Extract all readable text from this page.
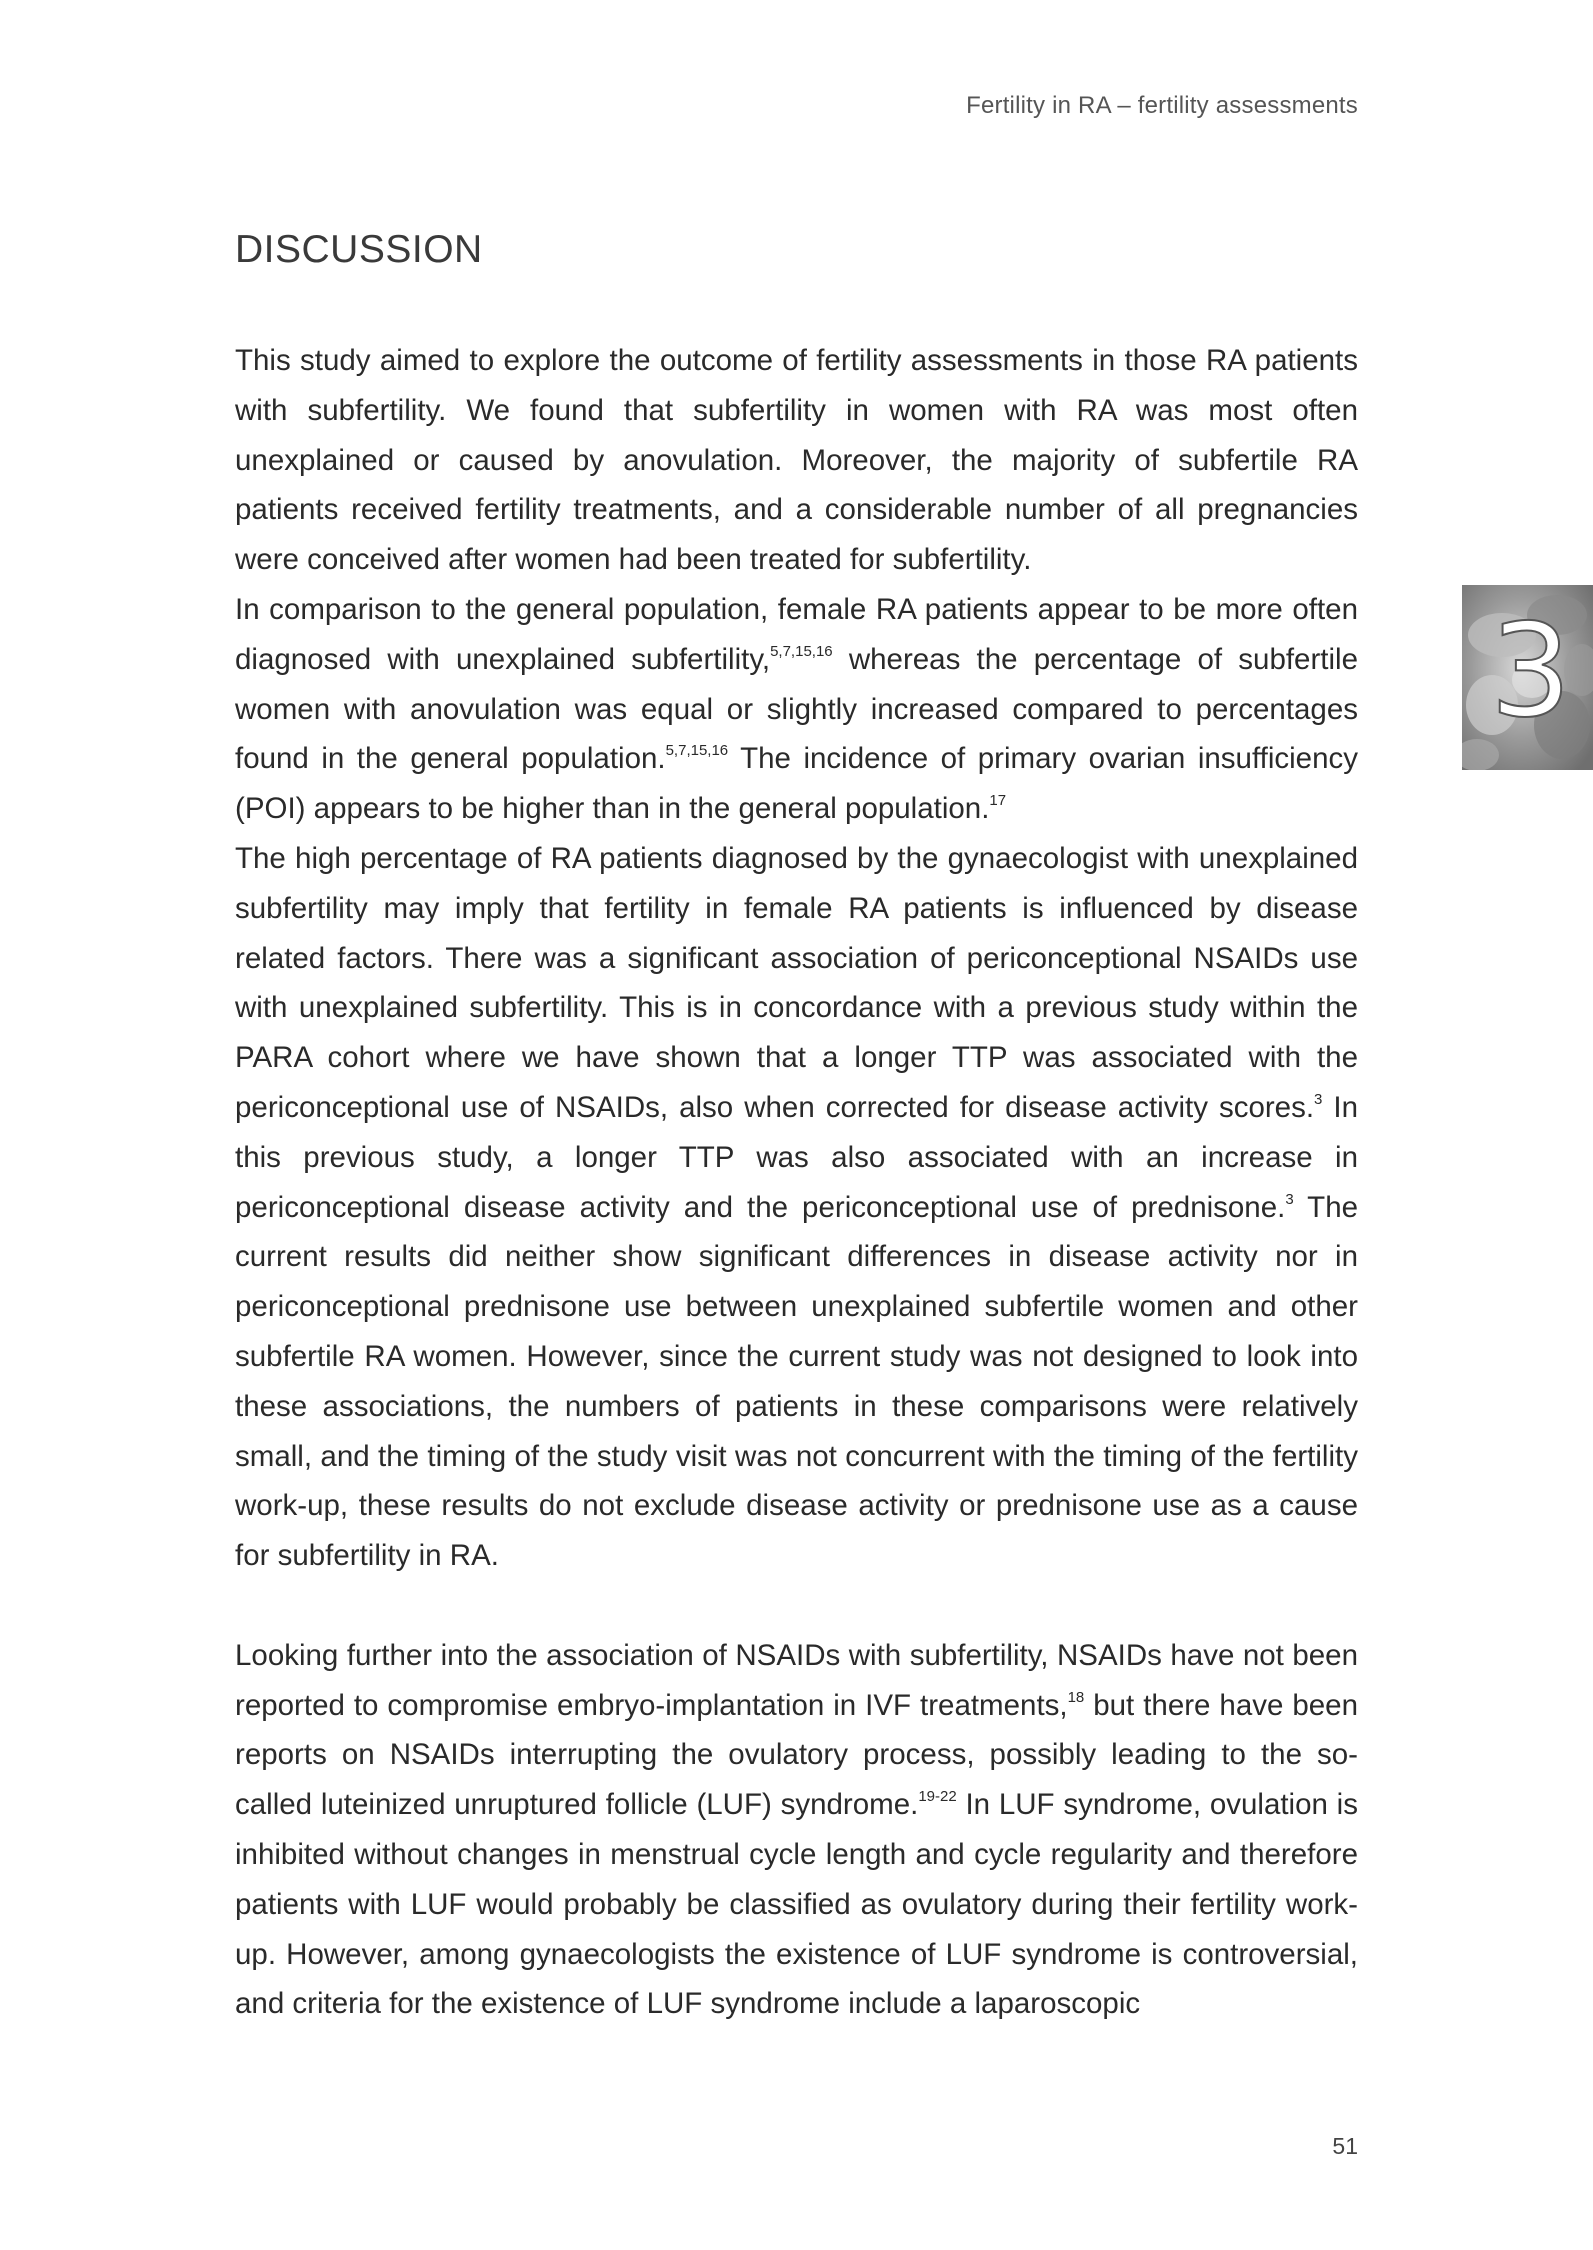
Fertility in RA – fertility assessments
DISCUSSION
3

This study aimed to explore the outcome of fertility assessments in those RA patients with subfertility. We found that subfertility in women with RA was most often unexplained or caused by anovulation. Moreover, the majority of subfertile RA patients received fertility treatments, and a considerable number of all pregnancies were conceived after women had been treated for subfertility.

In comparison to the general population, female RA patients appear to be more often diagnosed with unexplained subfertility,$^{5,7,15,16}$ whereas the percentage of subfertile women with anovulation was equal or slightly increased compared to percentages found in the general population.$^{5,7,15,16}$ The incidence of primary ovarian insufficiency (POI) appears to be higher than in the general population.$^{17}$

The high percentage of RA patients diagnosed by the gynaecologist with unexplained subfertility may imply that fertility in female RA patients is influenced by disease related factors. There was a significant association of periconceptional NSAIDs use with unexplained subfertility. This is in concordance with a previous study within the PARA cohort where we have shown that a longer TTP was associated with the periconceptional use of NSAIDs, also when corrected for disease activity scores.$^3$ In this previous study, a longer TTP was also associated with an increase in periconceptional disease activity and the periconceptional use of prednisone.$^3$ The current results did neither show significant differences in disease activity nor in periconceptional prednisone use between unexplained subfertile women and other subfertile RA women. However, since the current study was not designed to look into these associations, the numbers of patients in these comparisons were relatively small, and the timing of the study visit was not concurrent with the timing of the fertility work-up, these results do not exclude disease activity or prednisone use as a cause for subfertility in RA.

Looking further into the association of NSAIDs with subfertility, NSAIDs have not been reported to compromise embryo-implantation in IVF treatments,$^{18}$ but there have been reports on NSAIDs interrupting the ovulatory process, possibly leading to the so-called luteinized unruptured follicle (LUF) syndrome.$^{19-22}$ In LUF syndrome, ovulation is inhibited without changes in menstrual cycle length and cycle regularity and therefore patients with LUF would probably be classified as ovulatory during their fertility work-up. However, among gynaecologists the existence of LUF syndrome is controversial, and criteria for the existence of LUF syndrome include a laparoscopic

51
